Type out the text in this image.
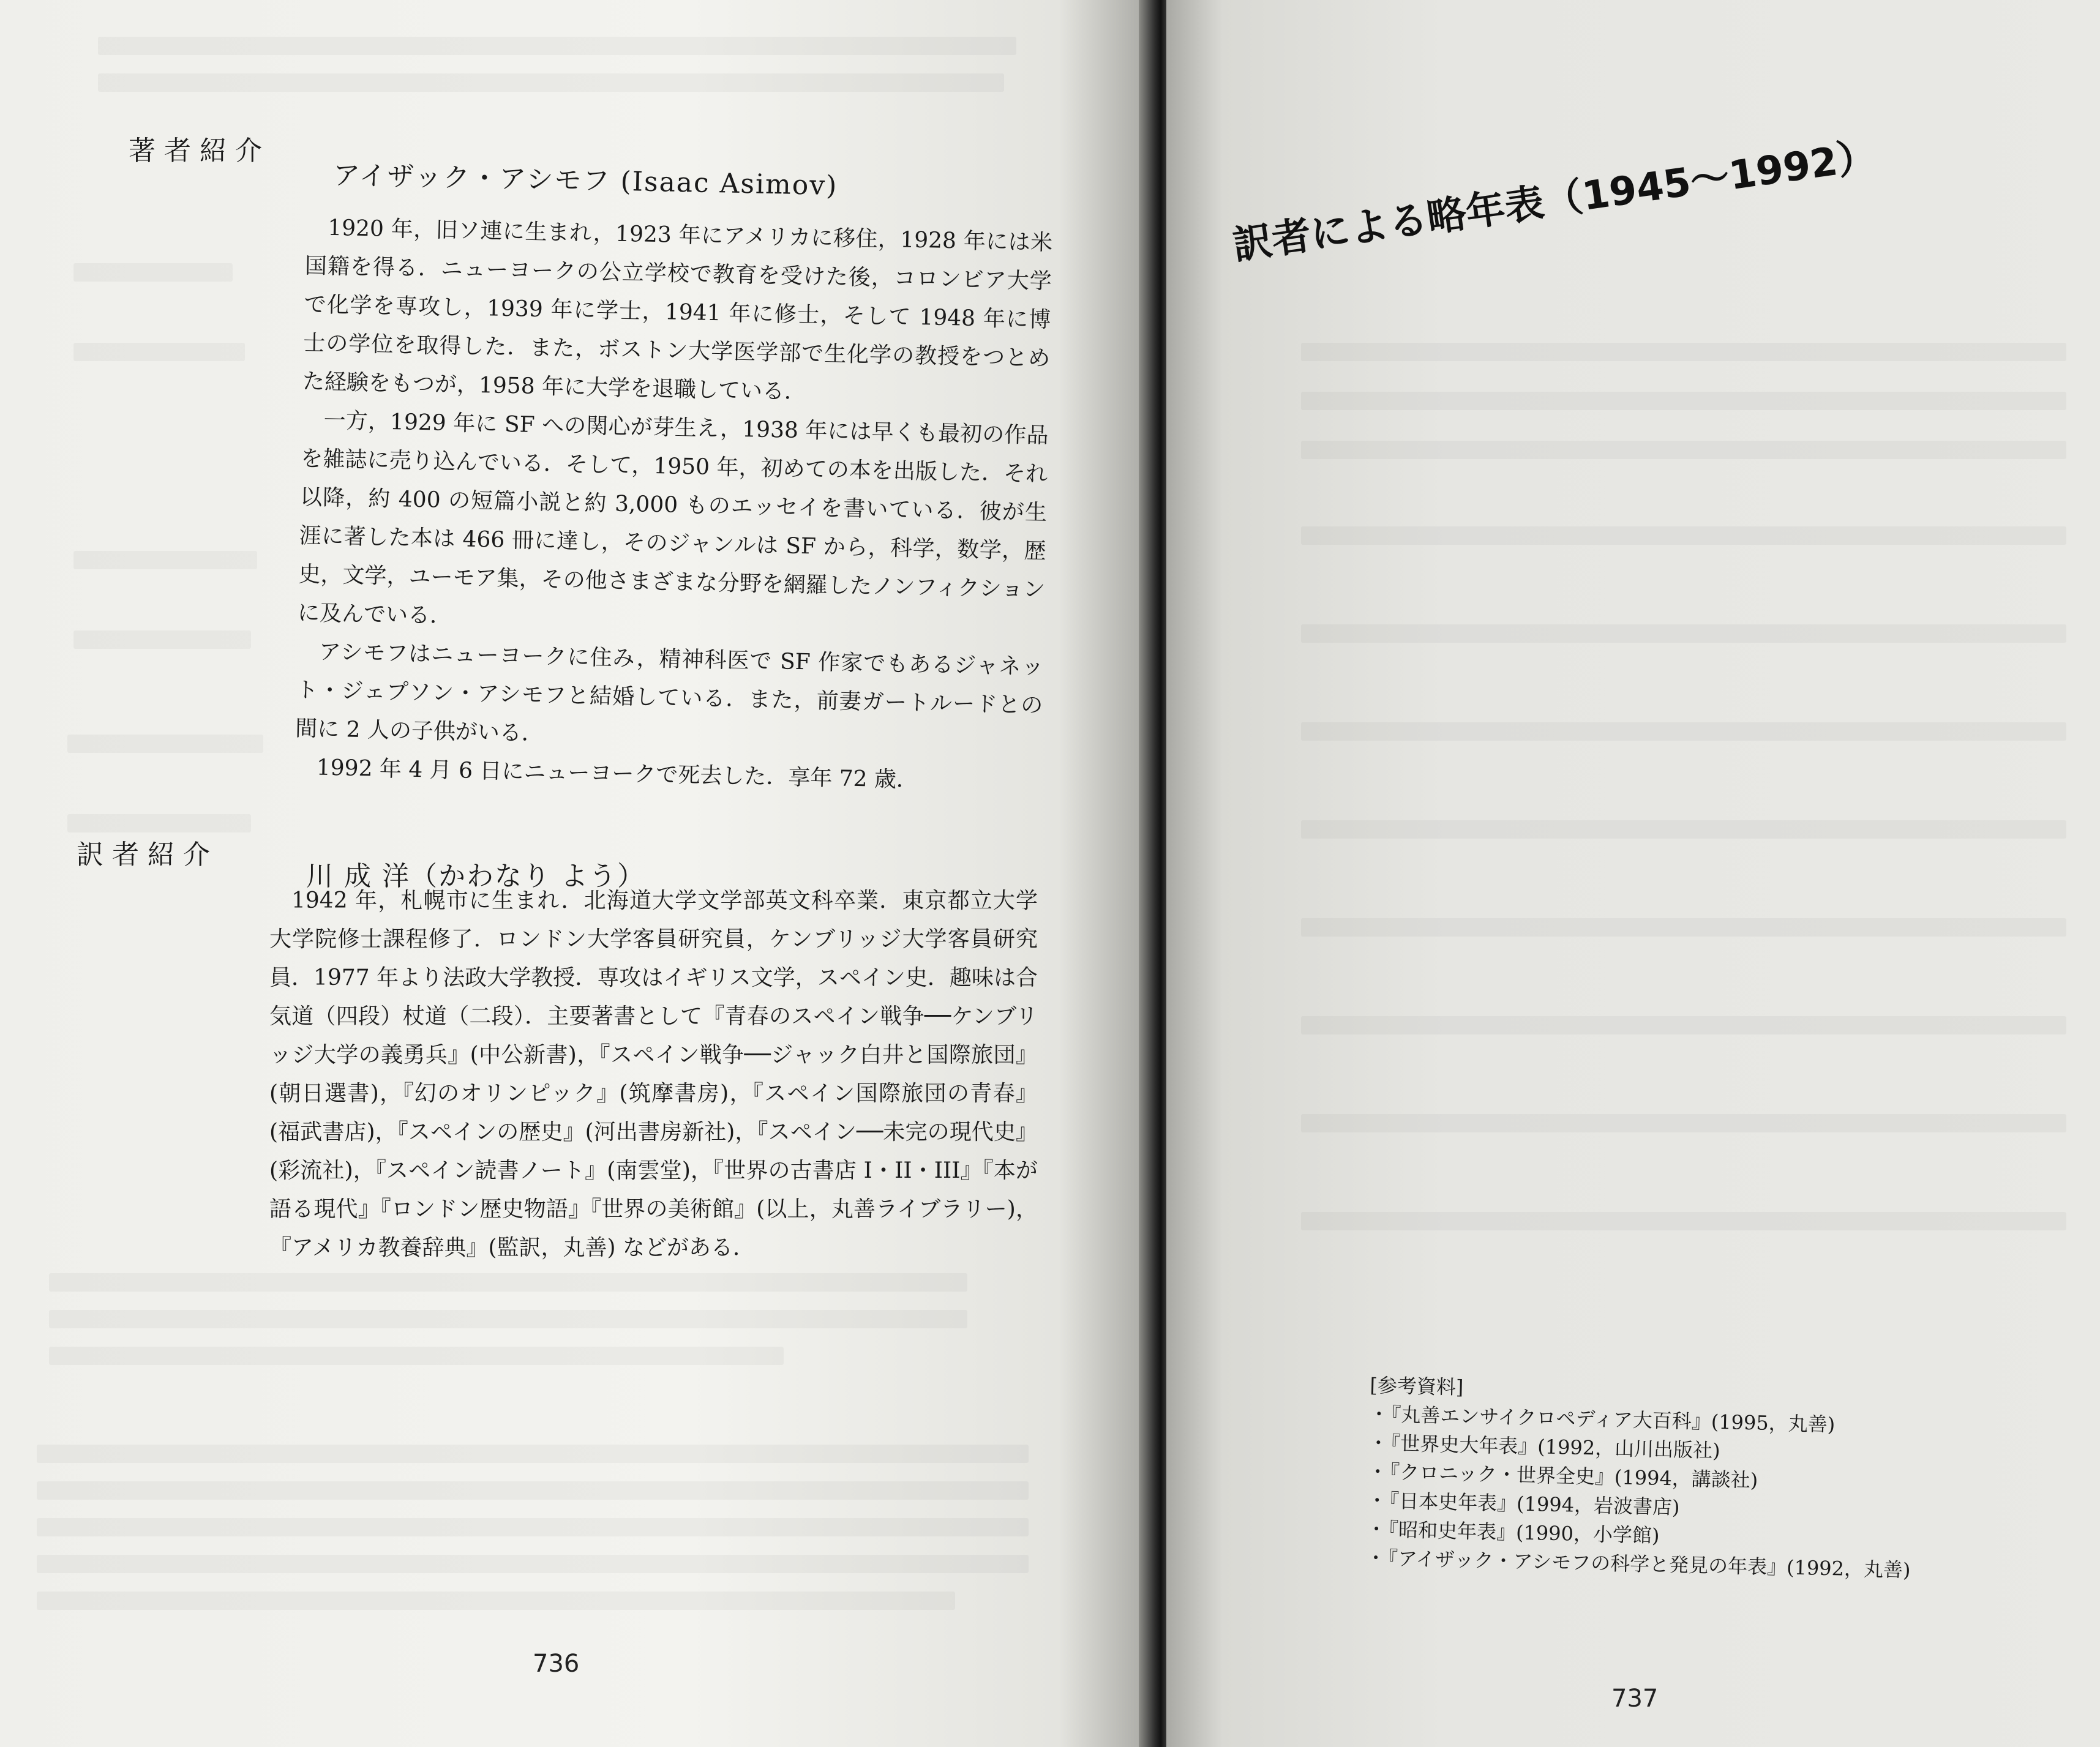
著者紹介
アイザック・アシモフ (Isaac Asimov)

1920 年，旧ソ連に生まれ，1923 年にアメリカに移住，1928 年には米国籍を得る．ニューヨークの公立学校で教育を受けた後，コロンビア大学で化学を専攻し，1939 年に学士，1941 年に修士，そして 1948 年に博士の学位を取得した．また，ボストン大学医学部で生化学の教授をつとめた経験をもつが，1958 年に大学を退職している．

一方，1929 年に SF への関心が芽生え，1938 年には早くも最初の作品を雑誌に売り込んでいる．そして，1950 年，初めての本を出版した．それ以降，約 400 の短篇小説と約 3,000 ものエッセイを書いている．彼が生涯に著した本は 466 冊に達し，そのジャンルは SF から，科学，数学，歴史，文学，ユーモア集，その他さまざまな分野を網羅したノンフィクションに及んでいる．

アシモフはニューヨークに住み，精神科医で SF 作家でもあるジャネット・ジェプソン・アシモフと結婚している．また，前妻ガートルードとの間に 2 人の子供がいる．

1992 年 4 月 6 日にニューヨークで死去した．享年 72 歳．

訳者紹介
川 成 洋（かわなり よう）

1942 年，札幌市に生まれ．北海道大学文学部英文科卒業．東京都立大学大学院修士課程修了．ロンドン大学客員研究員，ケンブリッジ大学客員研究員．1977 年より法政大学教授．専攻はイギリス文学，スペイン史．趣味は合気道（四段）杖道（二段）．主要著書として『青春のスペイン戦争──ケンブリッジ大学の義勇兵』(中公新書)，『スペイン戦争──ジャック白井と国際旅団』(朝日選書)，『幻のオリンピック』(筑摩書房)，『スペイン国際旅団の青春』(福武書店)，『スペインの歴史』(河出書房新社)，『スペイン──未完の現代史』(彩流社)，『スペイン読書ノート』(南雲堂)，『世界の古書店 I・II・III』『本が語る現代』『ロンドン歴史物語』『世界の美術館』(以上，丸善ライブラリー)，『アメリカ教養辞典』(監訳，丸善) などがある．

736
訳者による略年表（1945～1992）
[参考資料]
・『丸善エンサイクロペディア大百科』(1995，丸善)
・『世界史大年表』(1992，山川出版社)
・『クロニック・世界全史』(1994，講談社)
・『日本史年表』(1994，岩波書店)
・『昭和史年表』(1990，小学館)
・『アイザック・アシモフの科学と発見の年表』(1992，丸善)
737
